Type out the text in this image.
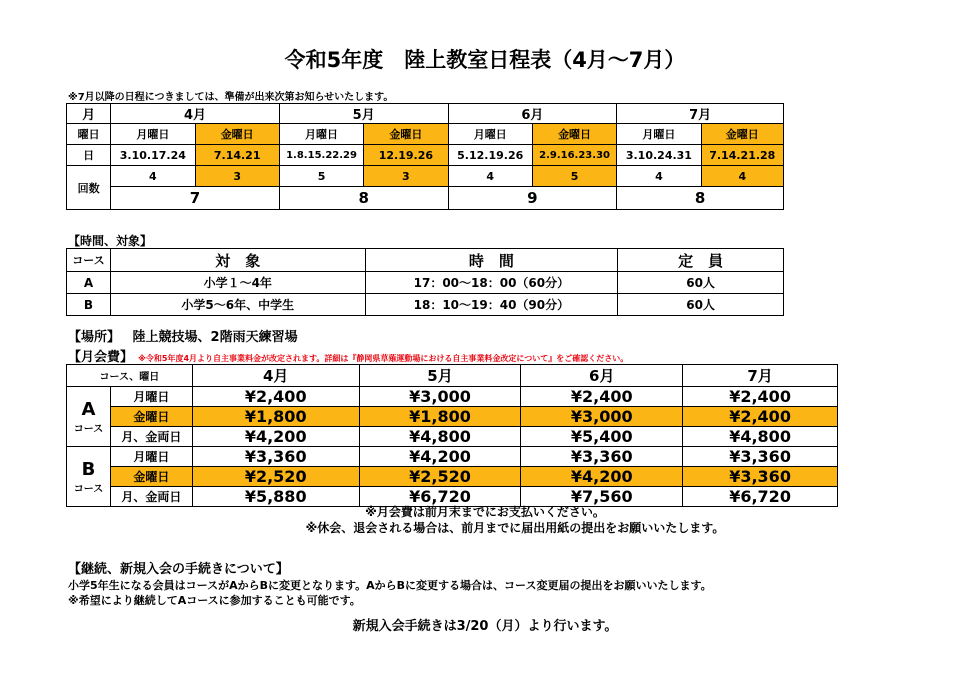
令和5年度　陸上教室日程表（4月〜7月）
※7月以降の日程につきましては、準備が出来次第お知らせいたします。
月	4月		5月		6月		7月	
曜日	月曜日	金曜日	月曜日	金曜日	月曜日	金曜日	月曜日	金曜日
日	3.10.17.24	7.14.21	1.8.15.22.29	12.19.26	5.12.19.26	2.9.16.23.30	3.10.24.31	7.14.21.28
回数	4	3	5	3	4	5	4	4
	7		8		9		8	
【時間、対象】
コース	対　象	時　間	定　員
A	小学１〜4年	17：00〜18：00（60分）	60人
B	小学5〜6年、中学生	18：10〜19：40（90分）	60人
【場所】 陸上競技場、2階雨天練習場
【月会費】 ※令和5年度4月より自主事業料金が改定されます。詳細は『静岡県草薙運動場における自主事業料金改定について』をご確認ください。
コース、曜日		4月	5月	6月	7月

A
コース	月曜日	¥2,400	¥3,000	¥2,400	¥2,400
	金曜日	¥1,800	¥1,800	¥3,000	¥2,400
	月、金両日	¥4,200	¥4,800	¥5,400	¥4,800

B
コース	月曜日	¥3,360	¥4,200	¥3,360	¥3,360
	金曜日	¥2,520	¥2,520	¥4,200	¥3,360
	月、金両日	¥5,880	¥6,720	¥7,560	¥6,720
※月会費は前月末までにお支払いください。
※休会、退会される場合は、前月までに届出用紙の提出をお願いいたします。
【継続、新規入会の手続きについて】
小学5年生になる会員はコースがAからBに変更となります。AからBに変更する場合は、コース変更届の提出をお願いいたします。
※希望により継続してAコースに参加することも可能です。
新規入会手続きは3/20（月）より行います。
